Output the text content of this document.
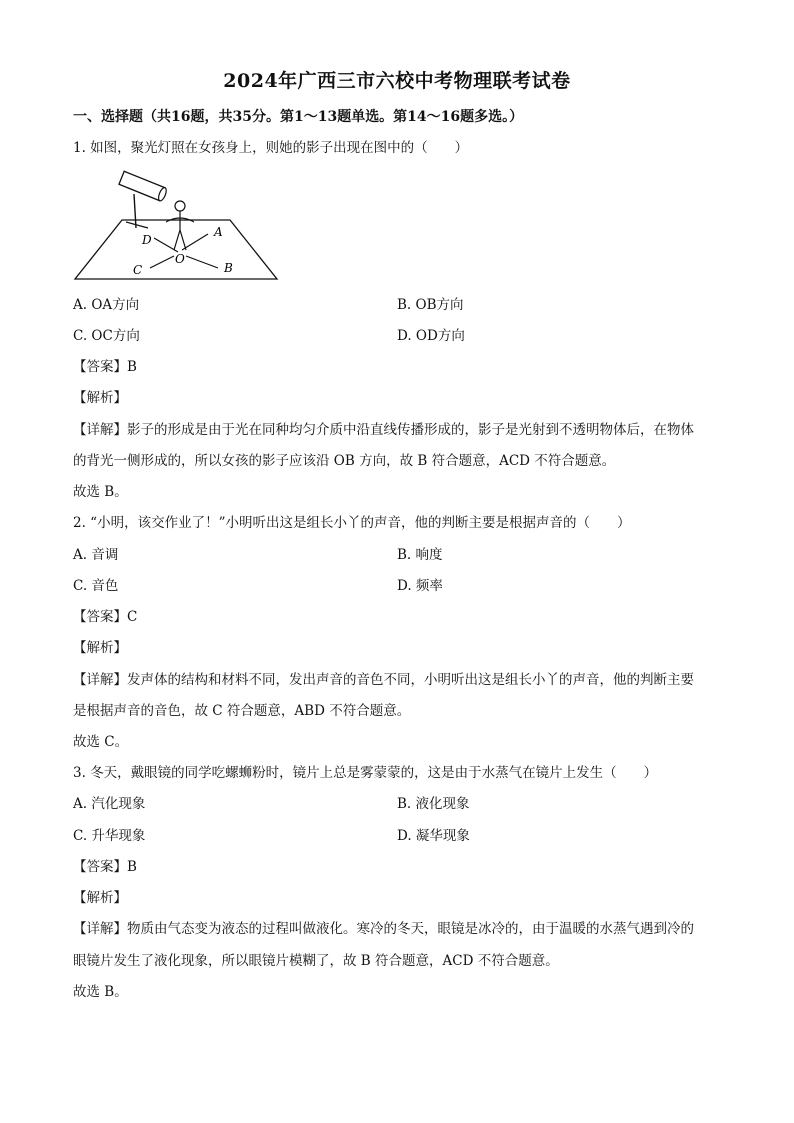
2024年广西三市六校中考物理联考试卷
一、选择题（共16题，共35分。第1～13题单选。第14～16题多选。）
1. 如图，聚光灯照在女孩身上，则她的影子出现在图中的（　　）
D
A
O
C	B
A. OA方向	B. OB方向
C. OC方向	D. OD方向
【答案】B
【解析】
【详解】影子的形成是由于光在同种均匀介质中沿直线传播形成的，影子是光射到不透明物体后，在物体
的背光一侧形成的，所以女孩的影子应该沿 OB 方向，故 B 符合题意，ACD 不符合题意。
故选 B。
2. “小明，该交作业了！”小明听出这是组长小丫的声音，他的判断主要是根据声音的（　　）
A. 音调	B. 响度
C. 音色	D. 频率
【答案】C
【解析】
【详解】发声体的结构和材料不同，发出声音的音色不同，小明听出这是组长小丫的声音，他的判断主要
是根据声音的音色，故 C 符合题意，ABD 不符合题意。
故选 C。
3. 冬天，戴眼镜的同学吃螺蛳粉时，镜片上总是雾蒙蒙的，这是由于水蒸气在镜片上发生（　　）
A. 汽化现象	B. 液化现象
C. 升华现象	D. 凝华现象
【答案】B
【解析】
【详解】物质由气态变为液态的过程叫做液化。寒冷的冬天，眼镜是冰冷的，由于温暖的水蒸气遇到冷的
眼镜片发生了液化现象，所以眼镜片模糊了，故 B 符合题意，ACD 不符合题意。
故选 B。
